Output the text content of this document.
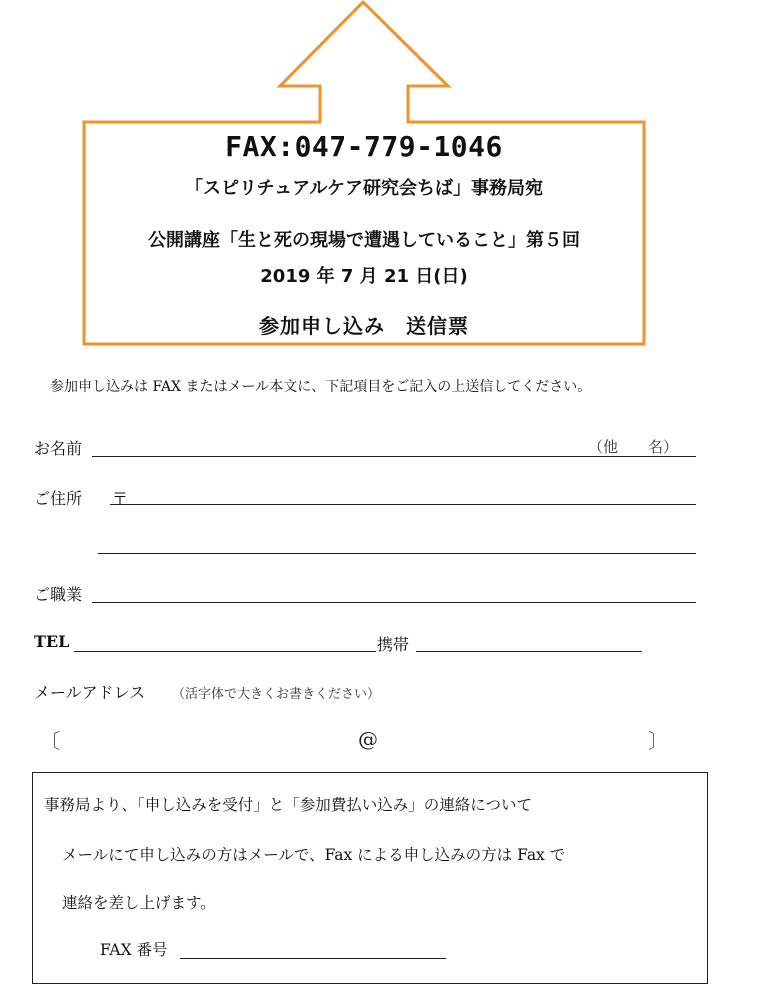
FAX:047-779-1046
「スピリチュアルケア研究会ちば」事務局宛
公開講座「生と死の現場で遭遇していること」第５回
2019 年 7 月 21 日(日)
参加申し込み　送信票
参加申し込みは FAX またはメール本文に、下記項目をご記入の上送信してください。
お名前	（他　　名）
ご住所 〒
ご職業
TEL	携帯
メールアドレス （活字体で大きくお書きください）
〔	@	〕
事務局より、「申し込みを受付」と「参加費払い込み」の連絡について
メールにて申し込みの方はメールで、Fax による申し込みの方は Fax で
連絡を差し上げます。
FAX 番号
